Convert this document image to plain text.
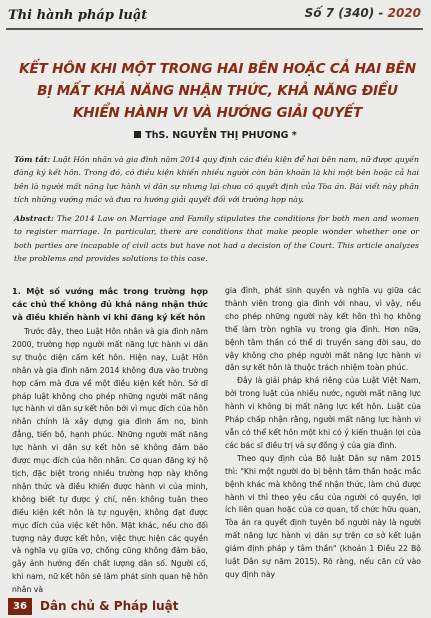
Thi hành pháp luật	Số 7 (340) - 2020
KẾT HÔN KHI MỘT TRONG HAI BÊN HOẶC CẢ HAI BÊN BỊ MẤT KHẢ NĂNG NHẬN THỨC, KHẢ NĂNG ĐIỀU KHIỂN HÀNH VI VÀ HƯỚNG GIẢI QUYẾT
ThS. NGUYỄN THỊ PHƯƠNG *
Tóm tắt: Luật Hôn nhân và gia đình năm 2014 quy định các điều kiện để hai bên nam, nữ được quyền đăng ký kết hôn. Trong đó, có điều kiện khiến nhiều người còn băn khoăn là khi một bên hoặc cả hai bên là người mất năng lực hành vi dân sự nhưng lại chưa có quyết định của Tòa án. Bài viết này phân tích những vướng mắc và đưa ra hướng giải quyết đối với trường hợp này.
Abstract: The 2014 Law on Marriage and Family stipulates the conditions for both men and women to register marriage. In particular, there are conditions that make people wonder whether one or both parties are incapable of civil acts but have not had a decision of the Court. This article analyzes the problems and provides solutions to this case.
1. Một số vướng mắc trong trường hợp các chủ thể không đủ khả năng nhận thức và điều khiển hành vi khi đăng ký kết hôn

Trước đây, theo Luật Hôn nhân và gia đình năm 2000, trường hợp người mất năng lực hành vi dân sự thuộc diện cấm kết hôn. Hiện nay, Luật Hôn nhân và gia đình năm 2014 không đưa vào trường hợp cấm mà đưa về một điều kiện kết hôn. Sở dĩ pháp luật không cho phép những người mất năng lực hành vi dân sự kết hôn bởi vì mục đích của hôn nhân chính là xây dựng gia đình ấm no, bình đẳng, tiến bộ, hạnh phúc. Những người mất năng lực hành vi dân sự kết hôn sẽ không đảm bảo được mục đích của hôn nhân. Cơ quan đăng ký hộ tịch, đặc biệt trong nhiều trường hợp này không nhận thức và điều khiển được hành vi của mình, không biết tự được ý chí, nên không tuân theo điều kiện kết hôn là tự nguyện, không đạt được mục đích của việc kết hôn. Mặt khác, nếu cho đối tượng này được kết hôn, việc thực hiện các quyền và nghĩa vụ giữa vợ, chồng cũng không đảm bảo, gây ảnh hưởng đến chất lượng dân số. Người cố, khi nam, nữ kết hôn sẽ làm phát sinh quan hệ hôn nhân và

gia đình, phát sinh quyền và nghĩa vụ giữa các thành viên trong gia đình với nhau, vì vậy, nếu cho phép những người này kết hôn thì họ không thể làm tròn nghĩa vụ trong gia đình. Hơn nữa, bệnh tâm thần có thể di truyền sang đời sau, do vậy không cho phép người mất năng lực hành vi dân sự kết hôn là thuộc trách nhiệm toàn phúc.

Đây là giải pháp khá riêng của Luật Việt Nam, bởi trong luật của nhiều nước, người mất năng lực hành vi không bị mất năng lực kết hôn. Luật của Pháp chấp nhận rằng, người mất năng lực hành vi vẫn có thể kết hôn một khi có ý kiến thuận lợi của các bác sĩ điều trị và sự đồng ý của gia đình.

Theo quy định của Bộ luật Dân sự năm 2015 thì: "Khi một người do bị bệnh tâm thần hoặc mắc bệnh khác mà không thể nhận thức, làm chủ được hành vi thì theo yêu cầu của người có quyền, lợi ích liên quan hoặc của cơ quan, tổ chức hữu quan, Tòa án ra quyết định tuyên bố người này là người mất năng lực hành vi dân sự trên cơ sở kết luận giám định pháp y tâm thần" (khoản 1 Điều 22 Bộ luật Dân sự năm 2015). Rõ ràng, nếu căn cứ vào quy định này

36	Dân chủ & Pháp luật
